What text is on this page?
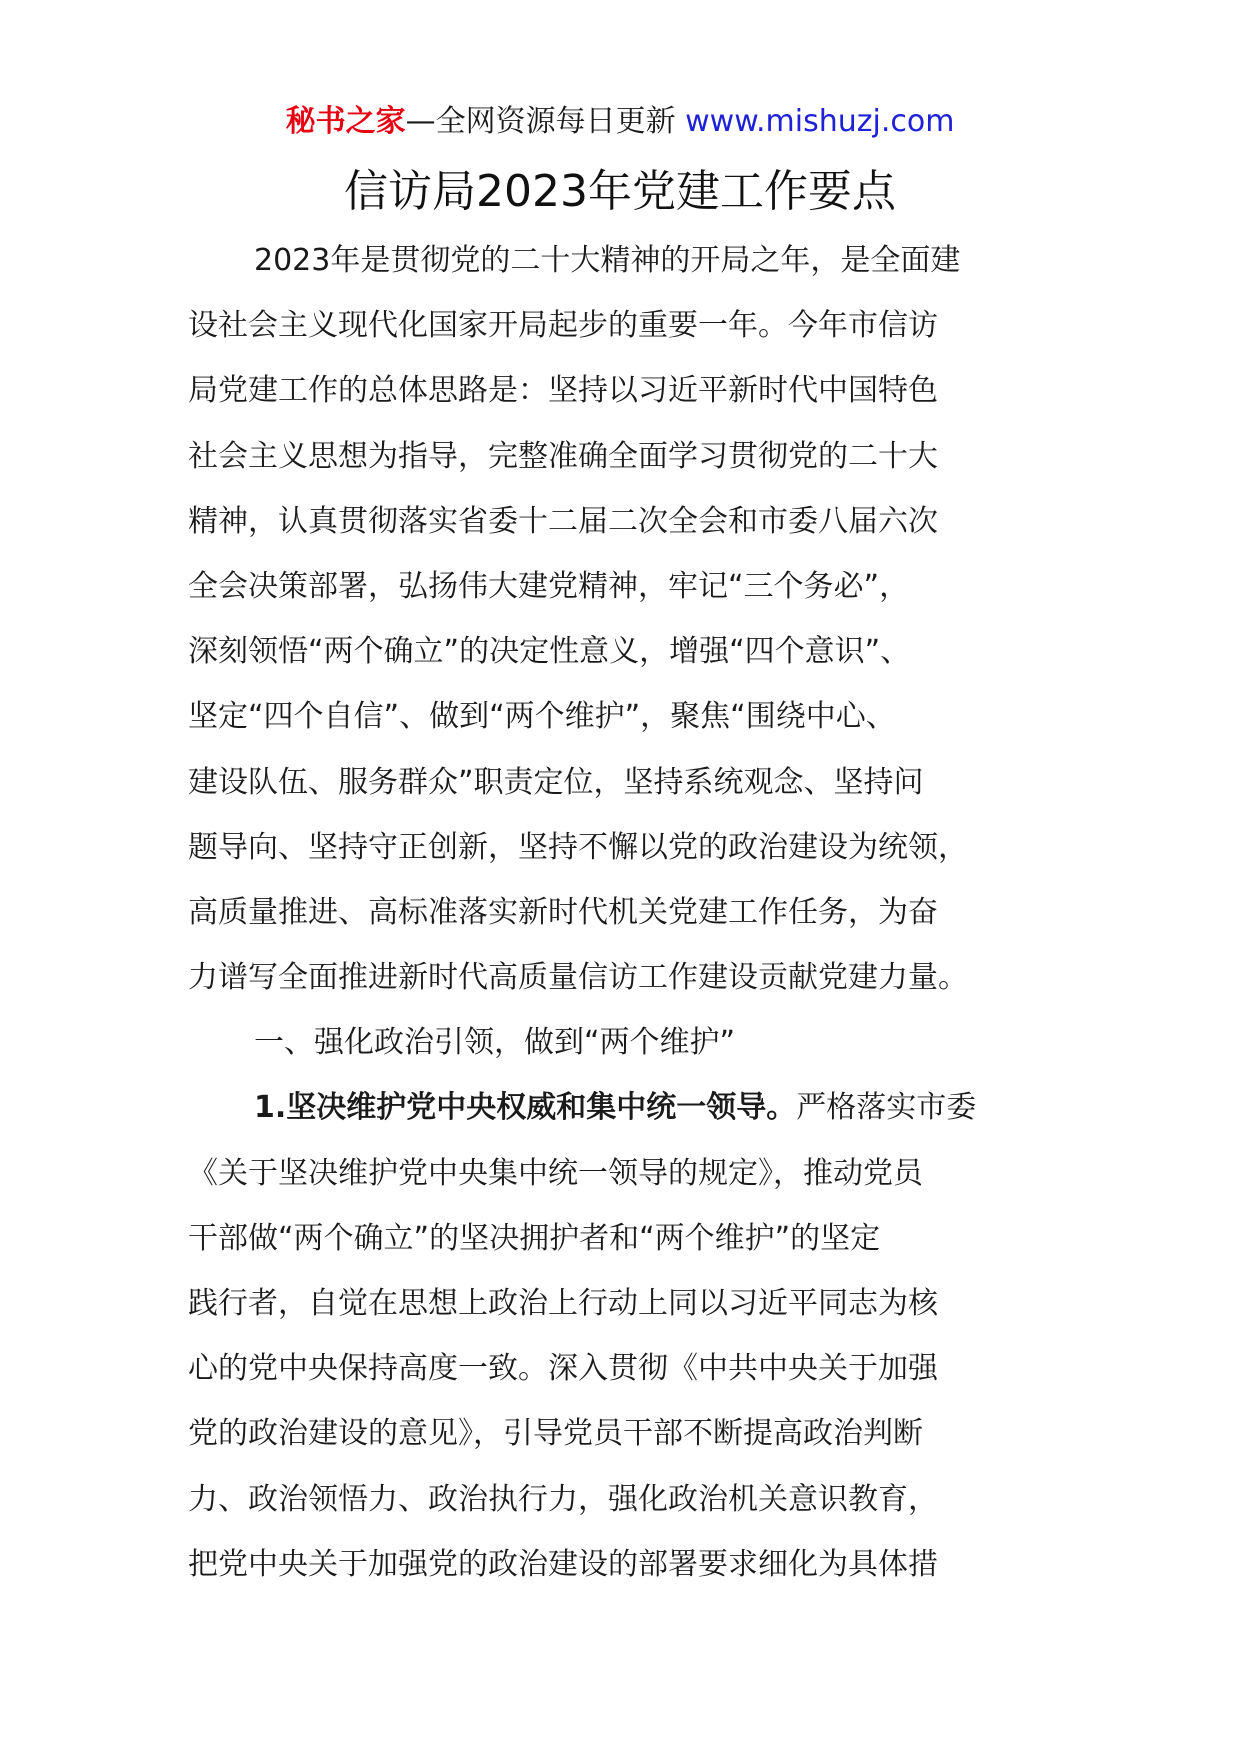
秘书之家—全网资源每日更新 www.mishuzj.com
信访局2023年党建工作要点
2023年是贯彻党的二十大精神的开局之年，是全面建
设社会主义现代化国家开局起步的重要一年。今年市信访
局党建工作的总体思路是：坚持以习近平新时代中国特色
社会主义思想为指导，完整准确全面学习贯彻党的二十大
精神，认真贯彻落实省委十二届二次全会和市委八届六次
全会决策部署，弘扬伟大建党精神，牢记“三个务必”，
深刻领悟“两个确立”的决定性意义，增强“四个意识”、
坚定“四个自信”、做到“两个维护”，聚焦“围绕中心、
建设队伍、服务群众”职责定位，坚持系统观念、坚持问
题导向、坚持守正创新，坚持不懈以党的政治建设为统领，
高质量推进、高标准落实新时代机关党建工作任务，为奋
力谱写全面推进新时代高质量信访工作建设贡献党建力量。
一、强化政治引领，做到“两个维护”
1.坚决维护党中央权威和集中统一领导。严格落实市委
《关于坚决维护党中央集中统一领导的规定》，推动党员
干部做“两个确立”的坚决拥护者和“两个维护”的坚定
践行者，自觉在思想上政治上行动上同以习近平同志为核
心的党中央保持高度一致。深入贯彻《中共中央关于加强
党的政治建设的意见》，引导党员干部不断提高政治判断
力、政治领悟力、政治执行力，强化政治机关意识教育，
把党中央关于加强党的政治建设的部署要求细化为具体措
